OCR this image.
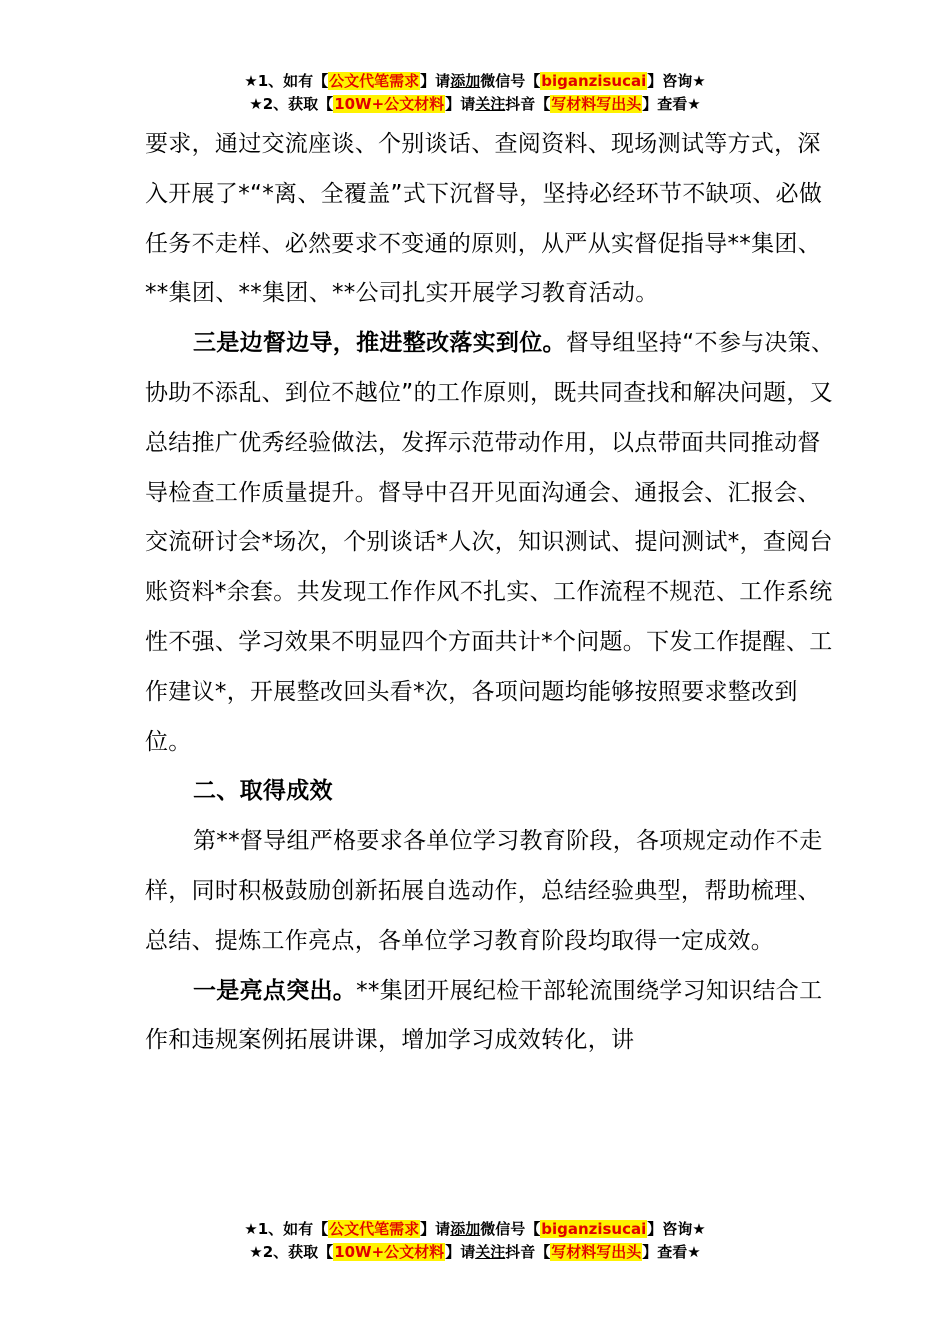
★1、如有【公文代笔需求】请添加微信号【biganzisucai】咨询★
★2、获取【10W+公文材料】请关注抖音【写材料写出头】查看★

要求，通过交流座谈、个别谈话、查阅资料、现场测试等方式，深入开展了*“*离、全覆盖”式下沉督导，坚持必经环节不缺项、必做任务不走样、必然要求不变通的原则，从严从实督促指导**集团、**集团、**集团、**公司扎实开展学习教育活动。

三是边督边导，推进整改落实到位。督导组坚持“不参与决策、协助不添乱、到位不越位”的工作原则，既共同查找和解决问题，又总结推广优秀经验做法，发挥示范带动作用，以点带面共同推动督导检查工作质量提升。督导中召开见面沟通会、通报会、汇报会、交流研讨会*场次，个别谈话*人次，知识测试、提问测试*，查阅台账资料*余套。共发现工作作风不扎实、工作流程不规范、工作系统性不强、学习效果不明显四个方面共计*个问题。下发工作提醒、工作建议*，开展整改回头看*次，各项问题均能够按照要求整改到位。

二、取得成效

第**督导组严格要求各单位学习教育阶段，各项规定动作不走样，同时积极鼓励创新拓展自选动作，总结经验典型，帮助梳理、总结、提炼工作亮点，各单位学习教育阶段均取得一定成效。

一是亮点突出。**集团开展纪检干部轮流围绕学习知识结合工作和违规案例拓展讲课，增加学习成效转化，讲

★1、如有【公文代笔需求】请添加微信号【biganzisucai】咨询★
★2、获取【10W+公文材料】请关注抖音【写材料写出头】查看★
